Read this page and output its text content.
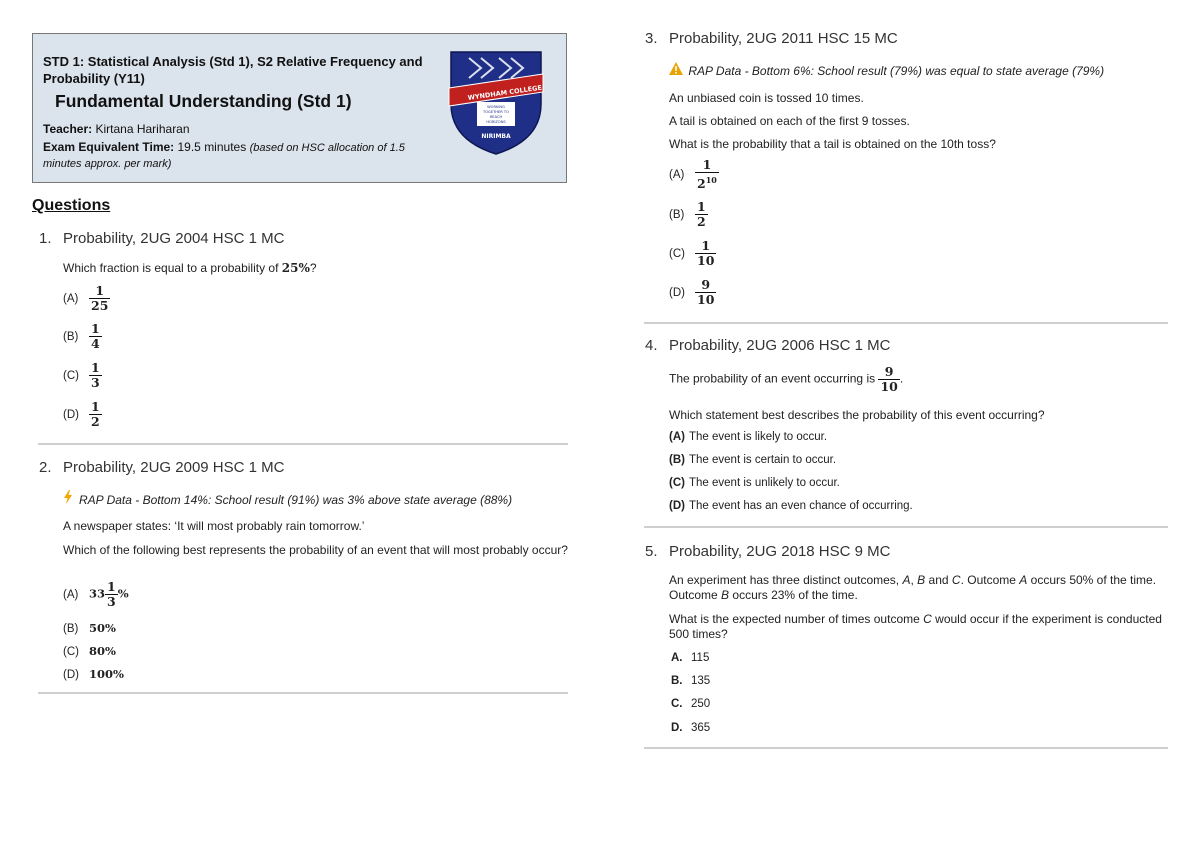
STD 1: Statistical Analysis (Std 1), S2 Relative Frequency and Probability (Y11)
Fundamental Understanding (Std 1)
Teacher: Kirtana Hariharan
Exam Equivalent Time: 19.5 minutes (based on HSC allocation of 1.5 minutes approx. per mark)
WYNDHAM COLLEGE
WORKING
TOGETHER TO
REACH
HORIZONS
NIRIMBA
Questions
1. Probability, 2UG 2004 HSC 1 MC
Which fraction is equal to a probability of 25%?
$(A) \frac{1}{25}$
$(B) \frac{1}{4}$
$(C) \frac{1}{3}$
$(D) \frac{1}{2}$
2. Probability, 2UG 2009 HSC 1 MC
RAP Data - Bottom 14%: School result (91%) was 3% above state average (88%)
A newspaper states: ‘It will most probably rain tomorrow.’
Which of the following best represents the probability of an event that will most probably occur?
(A) $33 \frac{1}{3}$ %
(B) 50%
(C) 80%
(D) 100%
3. Probability, 2UG 2011 HSC 15 MC
RAP Data - Bottom 6%: School result (79%) was equal to state average (79%)
An unbiased coin is tossed 10 times.
A tail is obtained on each of the first 9 tosses.
What is the probability that a tail is obtained on the 10th toss?
$(A) \frac{1}{2^{10}}$
$(B) \frac{1}{2}$
$(C) \frac{1}{10}$
$(D) \frac{9}{10}$
4. Probability, 2UG 2006 HSC 1 MC
The probability of an event occurring is $\frac{9}{10}$ .
Which statement best describes the probability of this event occurring?
(A) The event is likely to occur.
(B) The event is certain to occur.
(C) The event is unlikely to occur.
(D) The event has an even chance of occurring.
5. Probability, 2UG 2018 HSC 9 MC
An experiment has three distinct outcomes, A, B and C. Outcome A occurs 50% of the time.
Outcome B occurs 23% of the time.
What is the expected number of times outcome C would occur if the experiment is conducted 500 times?
A. 115
B. 135
C. 250
D. 365
